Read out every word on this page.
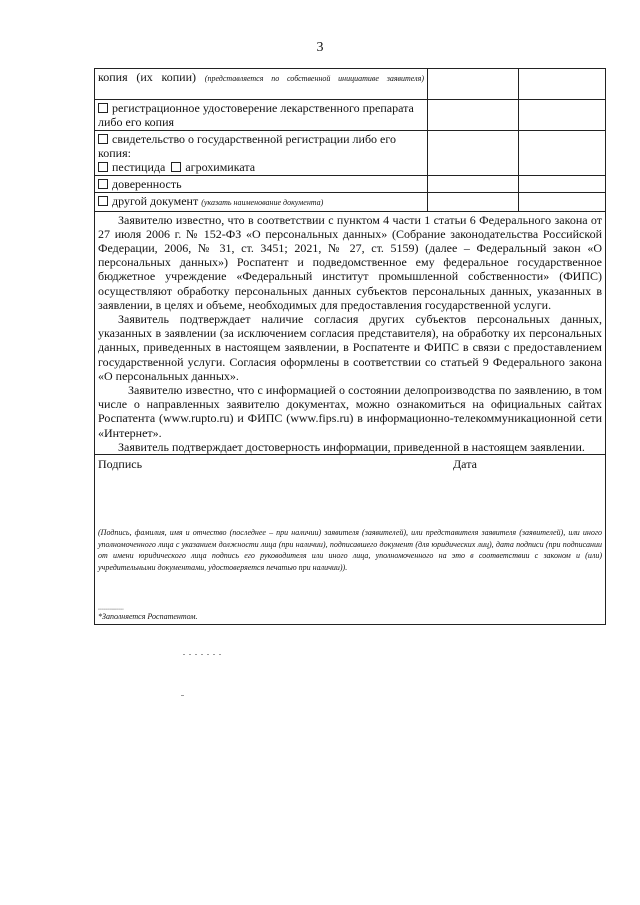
3
копия (их копии) (представляется по собственной инициативе заявителя)		

регистрационное удостоверение лекарственного препарата либо его копия		
свидетельство о государственной регистрации либо его копия:
пестицида агрохимиката		
доверенность		
другой документ (указать наименование документа)		

Заявителю известно, что в соответствии с пунктом 4 части 1 статьи 6 Федерального закона от 27 июля 2006 г. № 152-ФЗ «О персональных данных» (Собрание законодательства Российской Федерации, 2006, № 31, ст. 3451; 2021, № 27, ст. 5159) (далее – Федеральный закон «О персональных данных») Роспатент и подведомственное ему федеральное государственное бюджетное учреждение «Федеральный институт промышленной собственности» (ФИПС) осуществляют обработку персональных данных субъектов персональных данных, указанных в заявлении, в целях и объеме, необходимых для предоставления государственной услуги.

Заявитель подтверждает наличие согласия других субъектов персональных данных, указанных в заявлении (за исключением согласия представителя), на обработку их персональных данных, приведенных в настоящем заявлении, в Роспатенте и ФИПС в связи с предоставлением государственной услуги. Согласия оформлены в соответствии со статьей 9 Федерального закона «О персональных данных».

Заявителю известно, что с информацией о состоянии делопроизводства по заявлению, в том числе о направленных заявителю документах, можно ознакомиться на официальных сайтах Роспатента (www.rupto.ru) и ФИПС (www.fips.ru) в информационно-телекоммуникационной сети «Интернет».

Заявитель подтверждает достоверность информации, приведенной в настоящем заявлении.

Подпись	Дата
(Подпись, фамилия, имя и отчество (последнее – при наличии) заявителя (заявителей), или представителя заявителя (заявителей), или иного уполномоченного лица с указанием должности лица (при наличии), подписавшего документ (для юридических лиц), дата подписи (при подписании от имени юридического лица подпись его руководителя или иного лица, уполномоченного на это в соответствии с законом и (или) учредительными документами, удостоверяется печатью при наличии)).
▪▪▪▪▪▪▪▪▪▪▪▪▪▪▪▪▪▪▪▪▪▪▪▪
*Заполняется Роспатентом.
